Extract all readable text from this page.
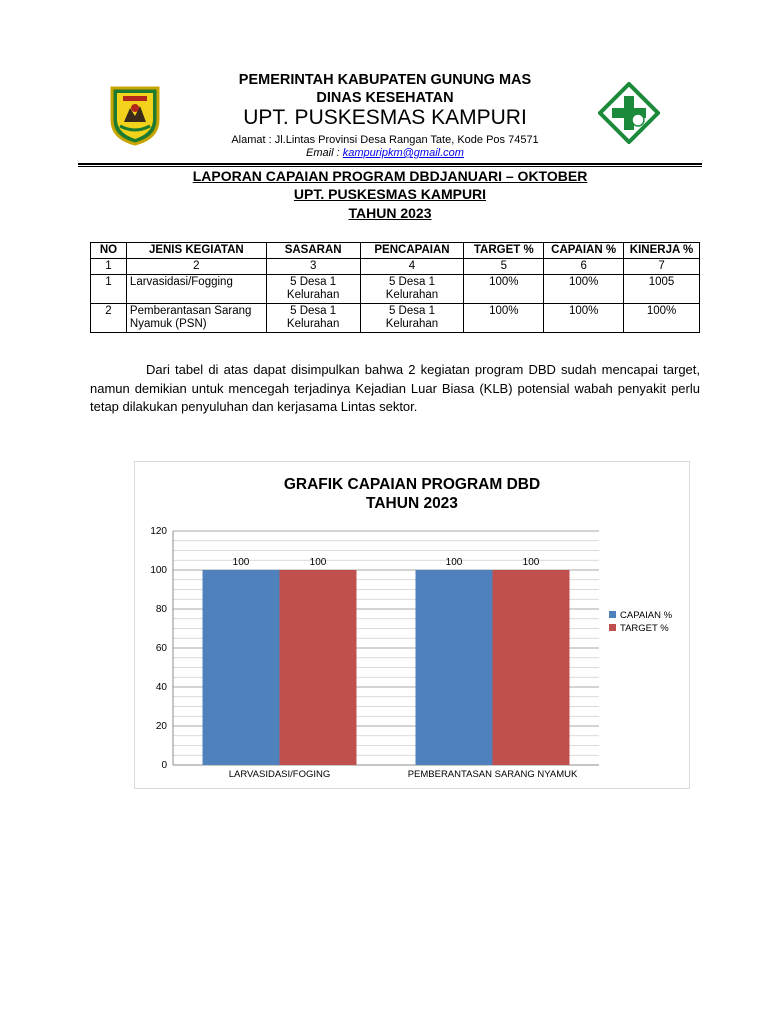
PEMERINTAH KABUPATEN GUNUNG MAS
DINAS KESEHATAN
UPT. PUSKESMAS KAMPURI
Alamat : Jl.Lintas Provinsi Desa Rangan Tate, Kode Pos 74571
Email : kampuripkm@gmail.com
LAPORAN CAPAIAN PROGRAM DBDJANUARI – OKTOBER
UPT. PUSKESMAS KAMPURI
TAHUN 2023
NO	JENIS KEGIATAN	SASARAN	PENCAPAIAN	TARGET %	CAPAIAN %	KINERJA %
1	2	3	4	5	6	7
1	Larvasidasi/Fogging	5 Desa 1 Kelurahan	5 Desa 1 Kelurahan	100%	100%	1005
2	Pemberantasan Sarang Nyamuk (PSN)	5 Desa 1 Kelurahan	5 Desa 1 Kelurahan	100%	100%	100%
Dari tabel di atas dapat disimpulkan bahwa 2 kegiatan program DBD sudah mencapai target, namun demikian untuk mencegah terjadinya Kejadian Luar Biasa (KLB) potensial wabah penyakit perlu tetap dilakukan penyuluhan dan kerjasama Lintas sektor.
GRAFIK CAPAIAN PROGRAM DBD
TAHUN 2023
0
20
40
60
80
100
120
100	100
LARVASIDASI/FOGING
100	100
PEMBERANTASAN SARANG NYAMUK
CAPAIAN %
TARGET %
